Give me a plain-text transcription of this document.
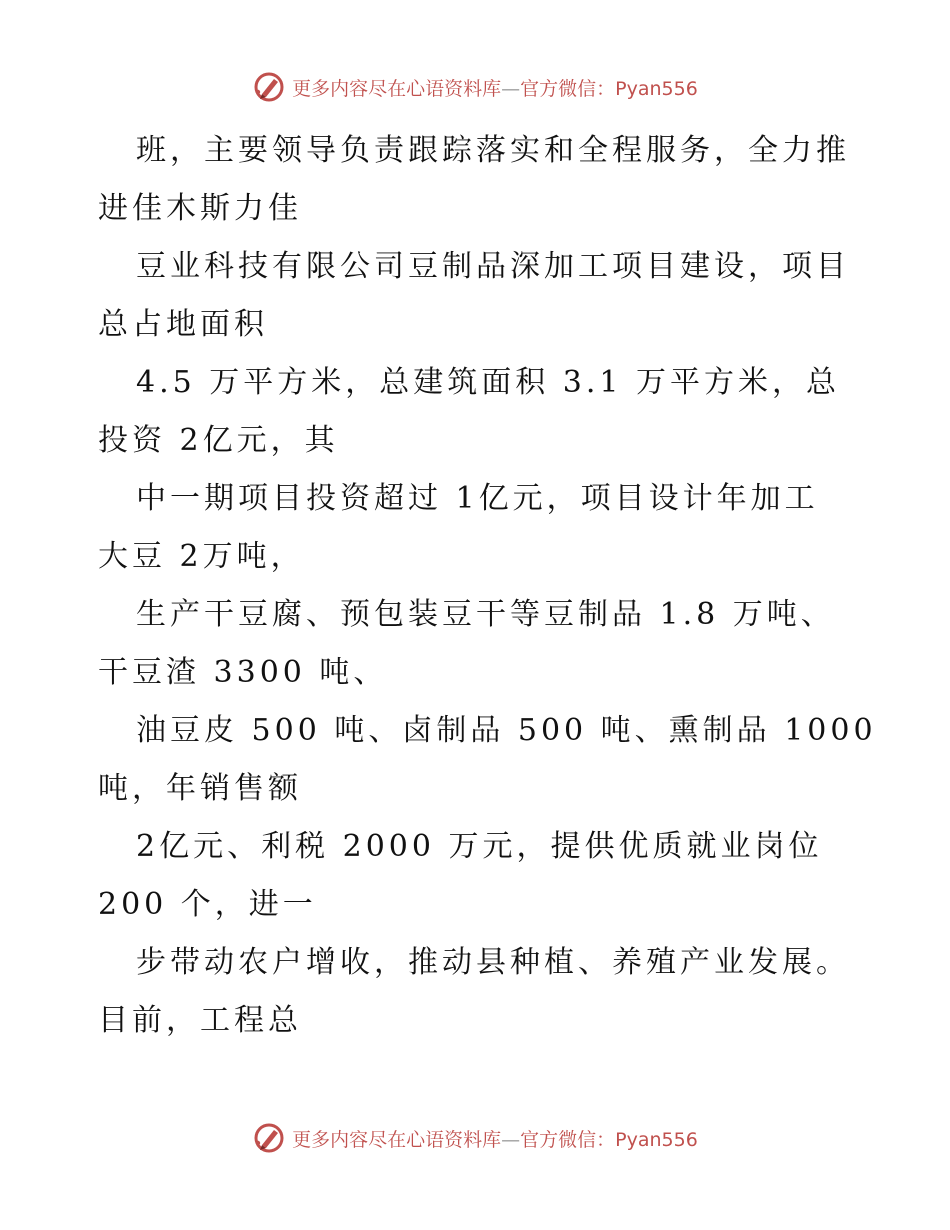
更多内容尽在心语资料库—官方微信：Pyan556
班，主要领导负责跟踪落实和全程服务，全力推
进佳木斯力佳
豆业科技有限公司豆制品深加工项目建设，项目
总占地面积
4.5 万平方米，总建筑面积 3.1 万平方米，总
投资 2亿元，其
中一期项目投资超过 1亿元，项目设计年加工
大豆 2万吨，
生产干豆腐、预包装豆干等豆制品 1.8 万吨、
干豆渣 3300 吨、
油豆皮 500 吨、卤制品 500 吨、熏制品 1000
吨，年销售额
2亿元、利税 2000 万元，提供优质就业岗位
200 个，进一
步带动农户增收，推动县种植、养殖产业发展。
目前，工程总
更多内容尽在心语资料库—官方微信：Pyan556
